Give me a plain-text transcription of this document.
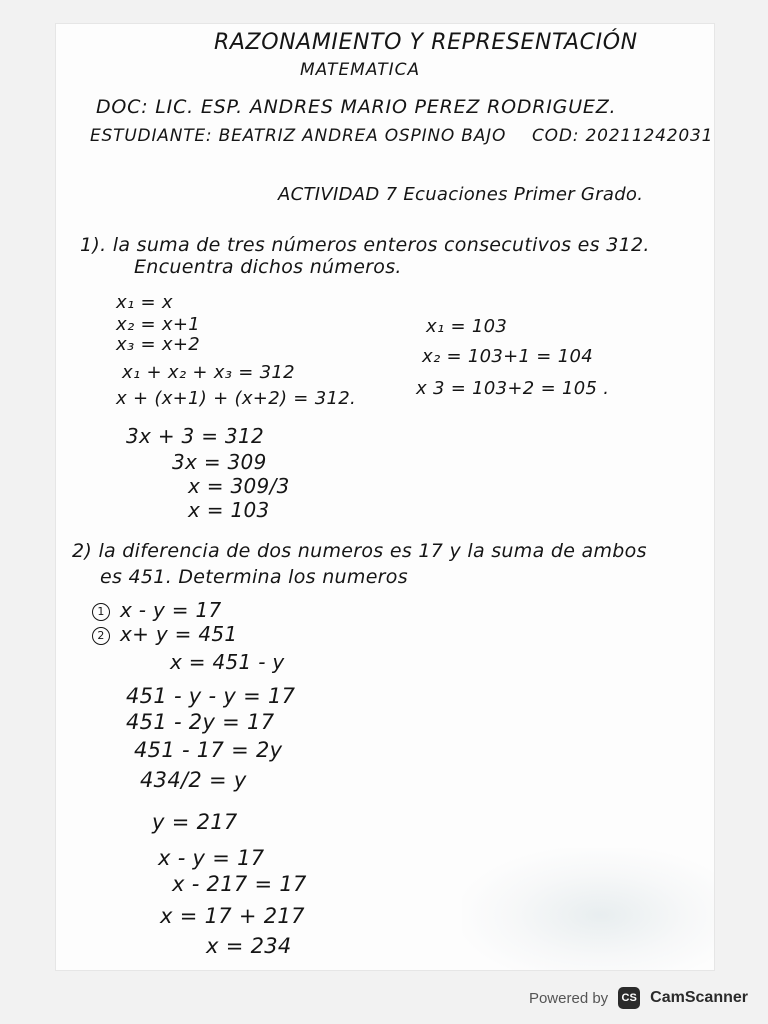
RAZONAMIENTO Y REPRESENTACIÓN
MATEMATICA
DOC: LIC. ESP. ANDRES MARIO PEREZ RODRIGUEZ.
ESTUDIANTE: BEATRIZ ANDREA OSPINO BAJO COD: 20211242031
ACTIVIDAD 7 Ecuaciones Primer Grado.
1). la suma de tres números enteros consecutivos es 312.
Encuentra dichos números.
x₁ = x
x₂ = x+1
x₃ = x+2
x₁ + x₂ + x₃ = 312
x + (x+1) + (x+2) = 312.
3x + 3 = 312
3x = 309
x = 309/3
x = 103
x₁ = 103
x₂ = 103+1 = 104
x 3 = 103+2 = 105 .
2) la diferencia de dos numeros es 17 y la suma de ambos
es 451. Determina los numeros
1 x - y = 17
2 x+ y = 451
x = 451 - y
451 - y - y = 17
451 - 2y = 17
451 - 17 = 2y
434/2 = y
y = 217
x - y = 17
x - 217 = 17
x = 17 + 217
x = 234
Powered by	CS CamScanner
